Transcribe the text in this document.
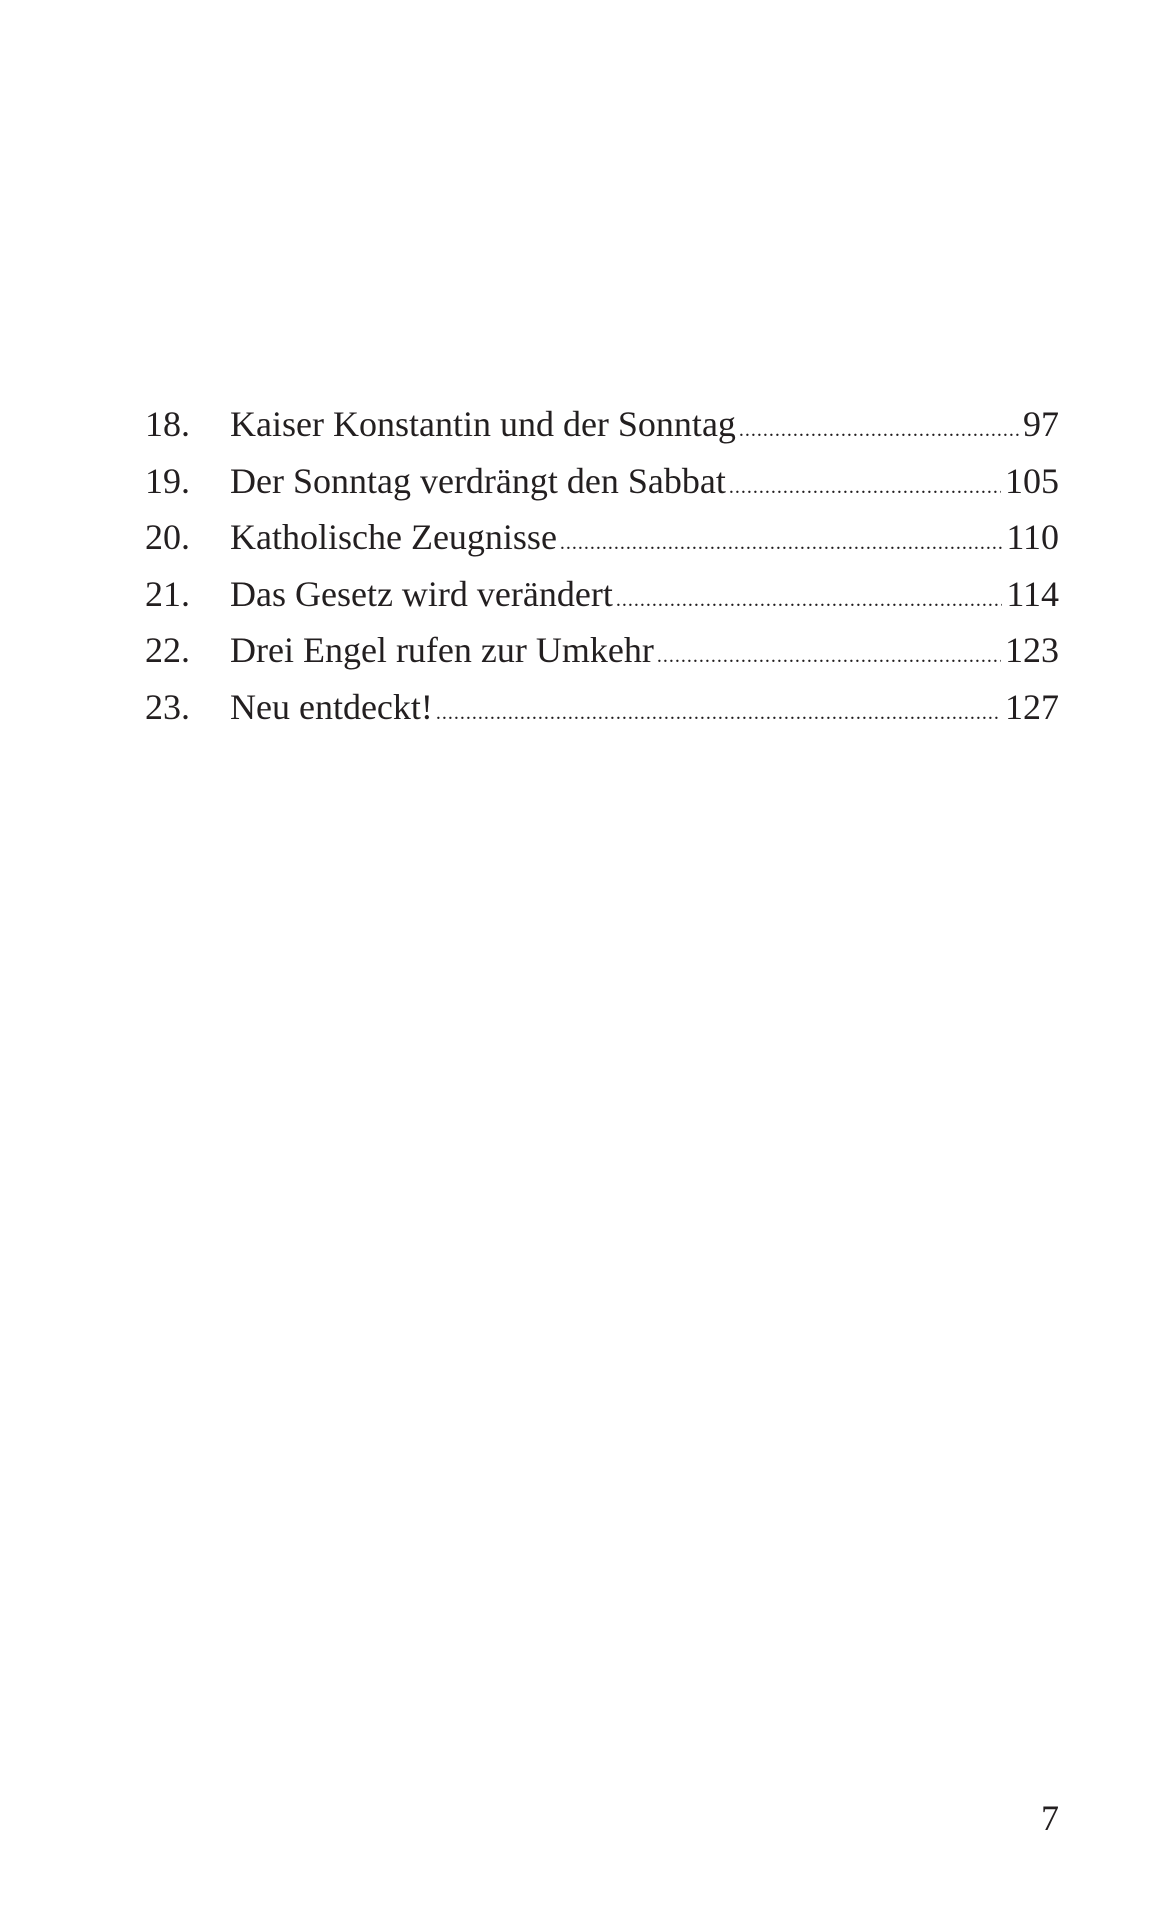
18.	Kaiser Konstantin und der Sonntag .....	97
19.	Der Sonntag verdrängt den Sabbat .....	105
20.	Katholische Zeugnisse .....	110
21.	Das Gesetz wird verändert .....	114
22.	Drei Engel rufen zur Umkehr .....	123
23.	Neu entdeckt! .....	127
7
